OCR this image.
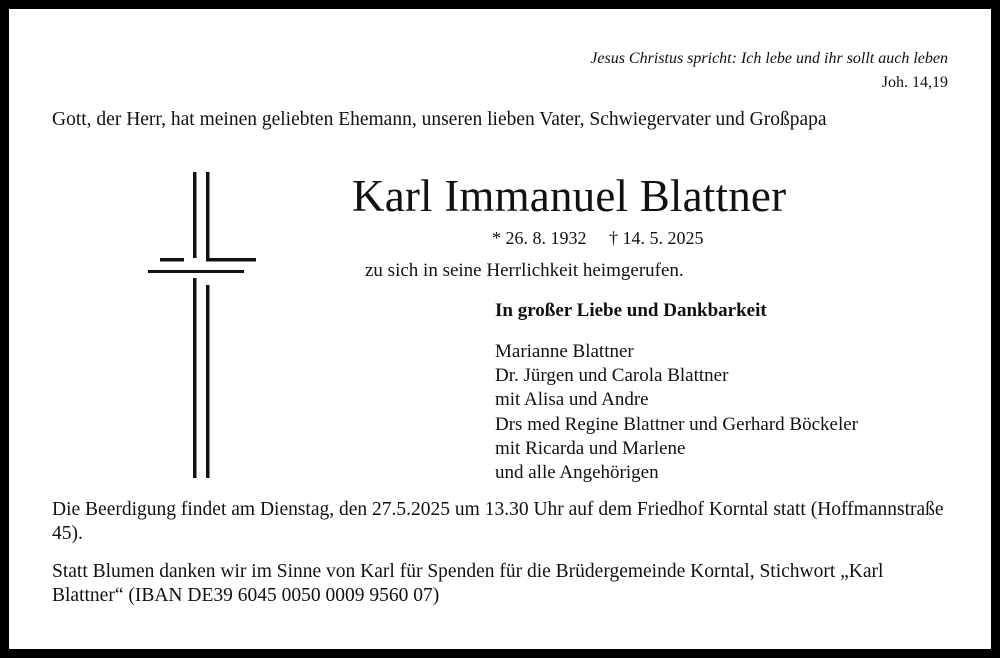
Jesus Christus spricht: Ich lebe und ihr sollt auch leben
Joh. 14,19
Gott, der Herr, hat meinen geliebten Ehemann, unseren lieben Vater, Schwiegervater und Großpapa
Karl Immanuel Blattner
* 26. 8. 1932 † 14. 5. 2025
zu sich in seine Herrlichkeit heimgerufen.
In großer Liebe und Dankbarkeit
Marianne Blattner
Dr. Jürgen und Carola Blattner
mit Alisa und Andre
Drs med Regine Blattner und Gerhard Böckeler
mit Ricarda und Marlene
und alle Angehörigen
Die Beerdigung findet am Dienstag, den 27.5.2025 um 13.30 Uhr auf dem Friedhof Korntal statt (Hoffmannstraße 45).
Statt Blumen danken wir im Sinne von Karl für Spenden für die Brüdergemeinde Korntal, Stichwort „Karl Blattner“ (IBAN DE39 6045 0050 0009 9560 07)
